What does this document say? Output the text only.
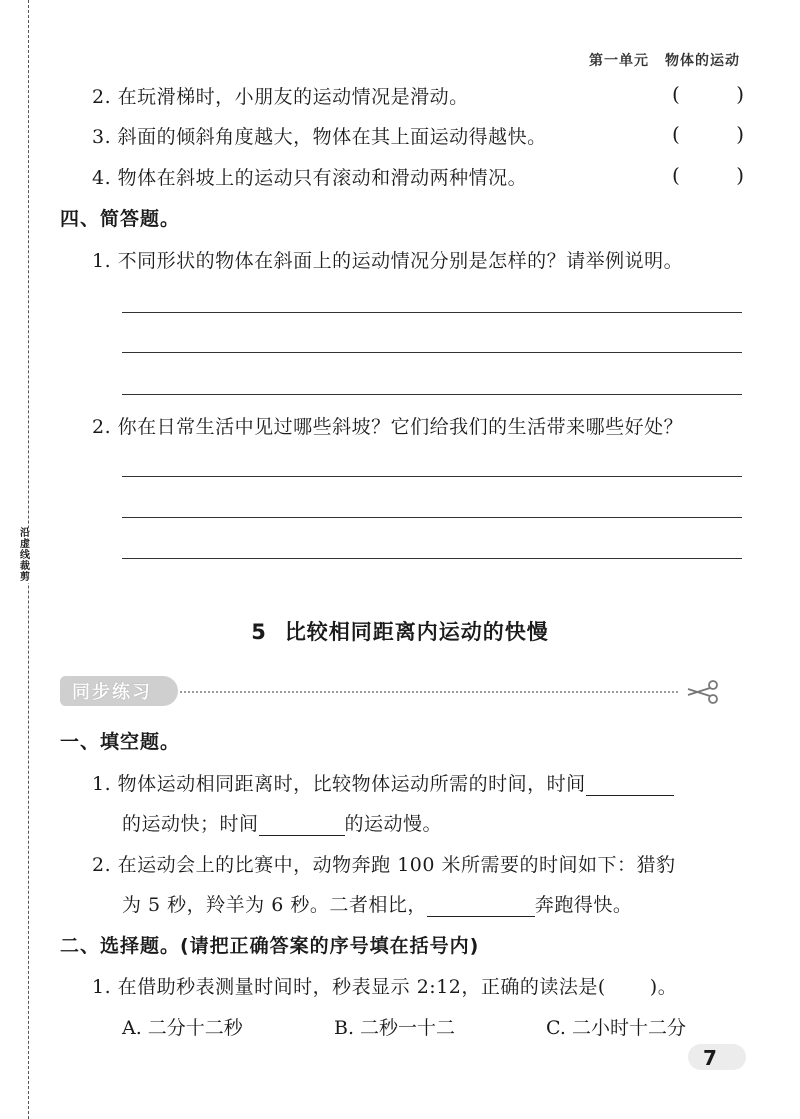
沿虚线裁剪
第一单元 物体的运动
2. 在玩滑梯时，小朋友的运动情况是滑动。	(	)
3. 斜面的倾斜角度越大，物体在其上面运动得越快。	(	)
4. 物体在斜坡上的运动只有滚动和滑动两种情况。	(	)
四、简答题。
1. 不同形状的物体在斜面上的运动情况分别是怎样的？请举例说明。
2. 你在日常生活中见过哪些斜坡？它们给我们的生活带来哪些好处？
5 比较相同距离内运动的快慢
同步练习
一、填空题。
1. 物体运动相同距离时，比较物体运动所需的时间，时间
的运动快；时间	的运动慢。
2. 在运动会上的比赛中，动物奔跑 100 米所需要的时间如下：猎豹
为 5 秒，羚羊为 6 秒。二者相比，	奔跑得快。
二、选择题。(请把正确答案的序号填在括号内)
1. 在借助秒表测量时间时，秒表显示 2:12，正确的读法是( )。
A. 二分十二秒	B. 二秒一十二	C. 二小时十二分
7
